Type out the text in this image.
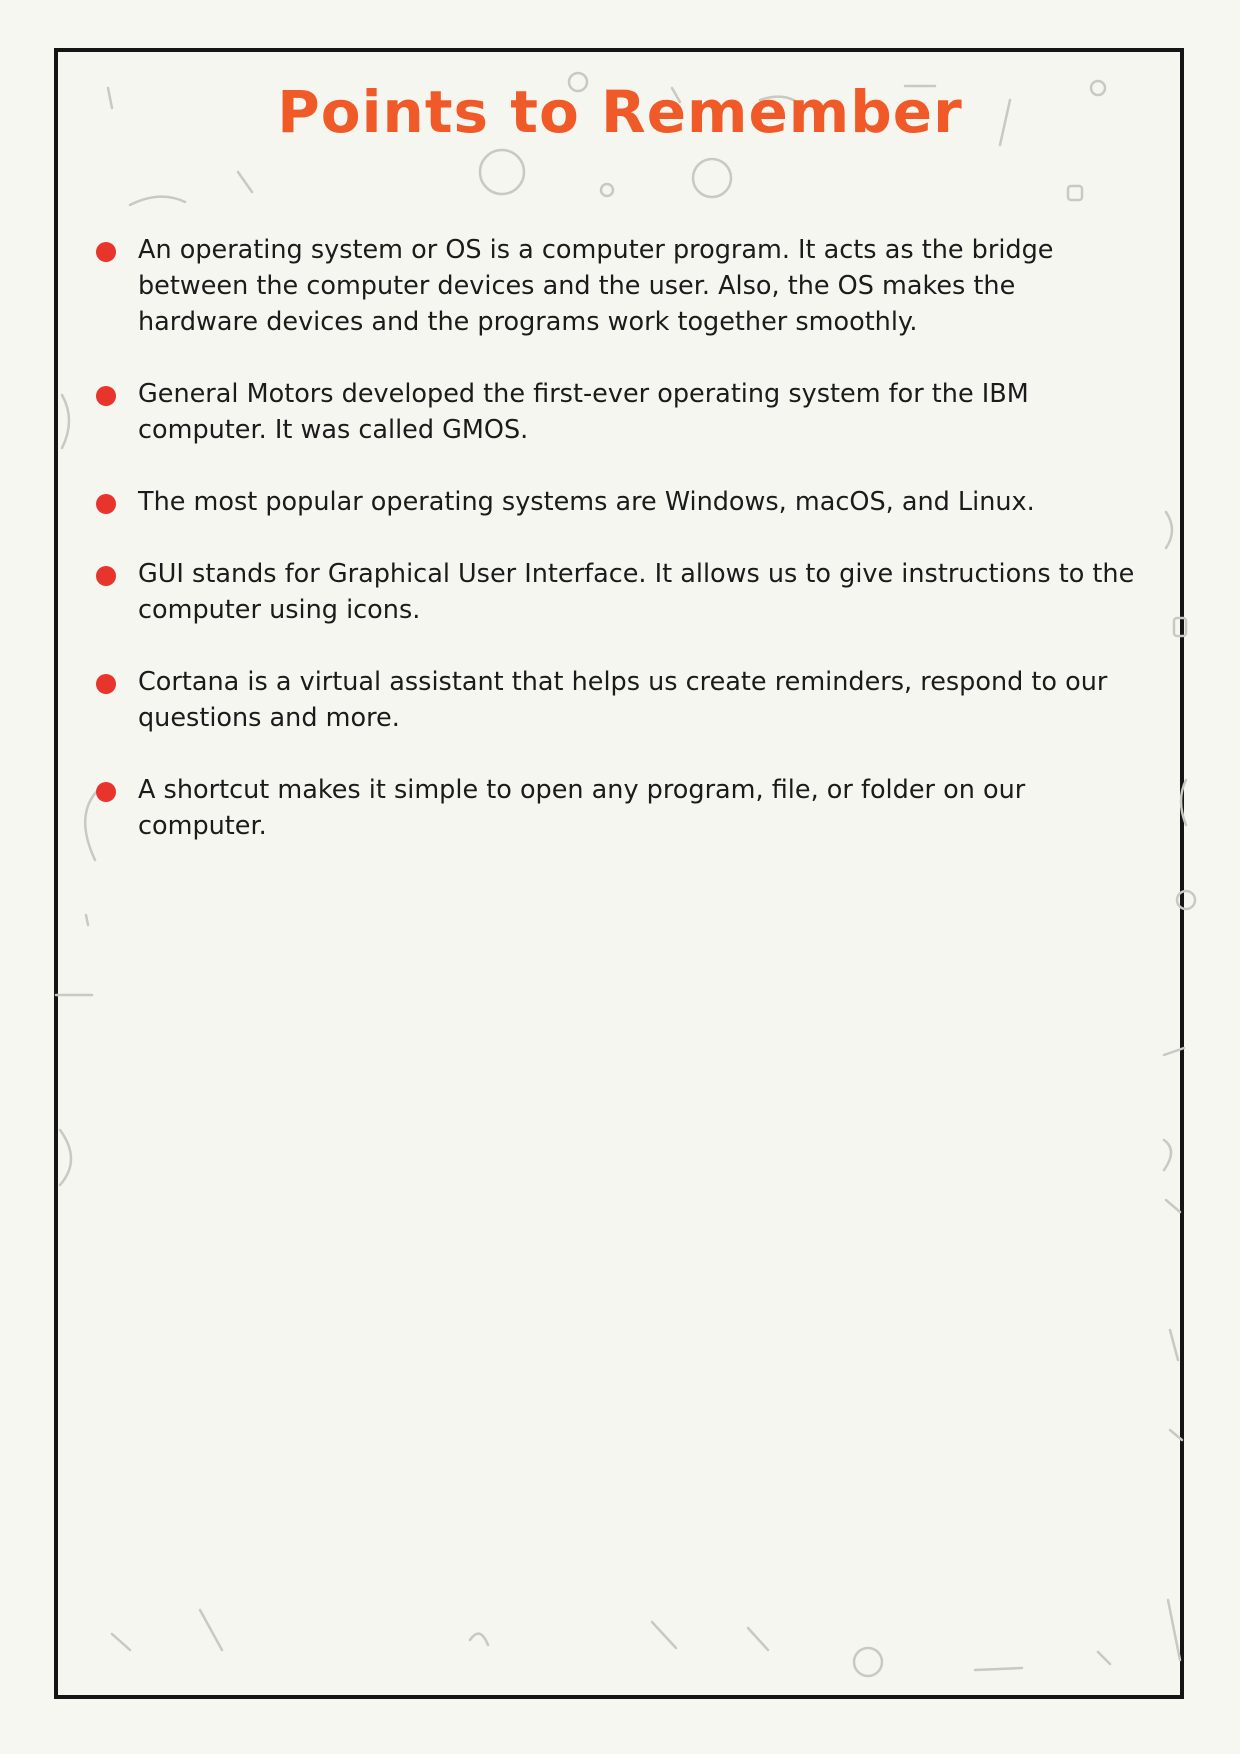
Points to Remember
An operating system or OS is a computer program. It acts as the bridge between the computer devices and the user. Also, the OS makes the hardware devices and the programs work together smoothly.
General Motors developed the first-ever operating system for the IBM computer. It was called GMOS.
The most popular operating systems are Windows, macOS, and Linux.
GUI stands for Graphical User Interface. It allows us to give instructions to the computer using icons.
Cortana is a virtual assistant that helps us create reminders, respond to our questions and more.
A shortcut makes it simple to open any program, file, or folder on our computer.
